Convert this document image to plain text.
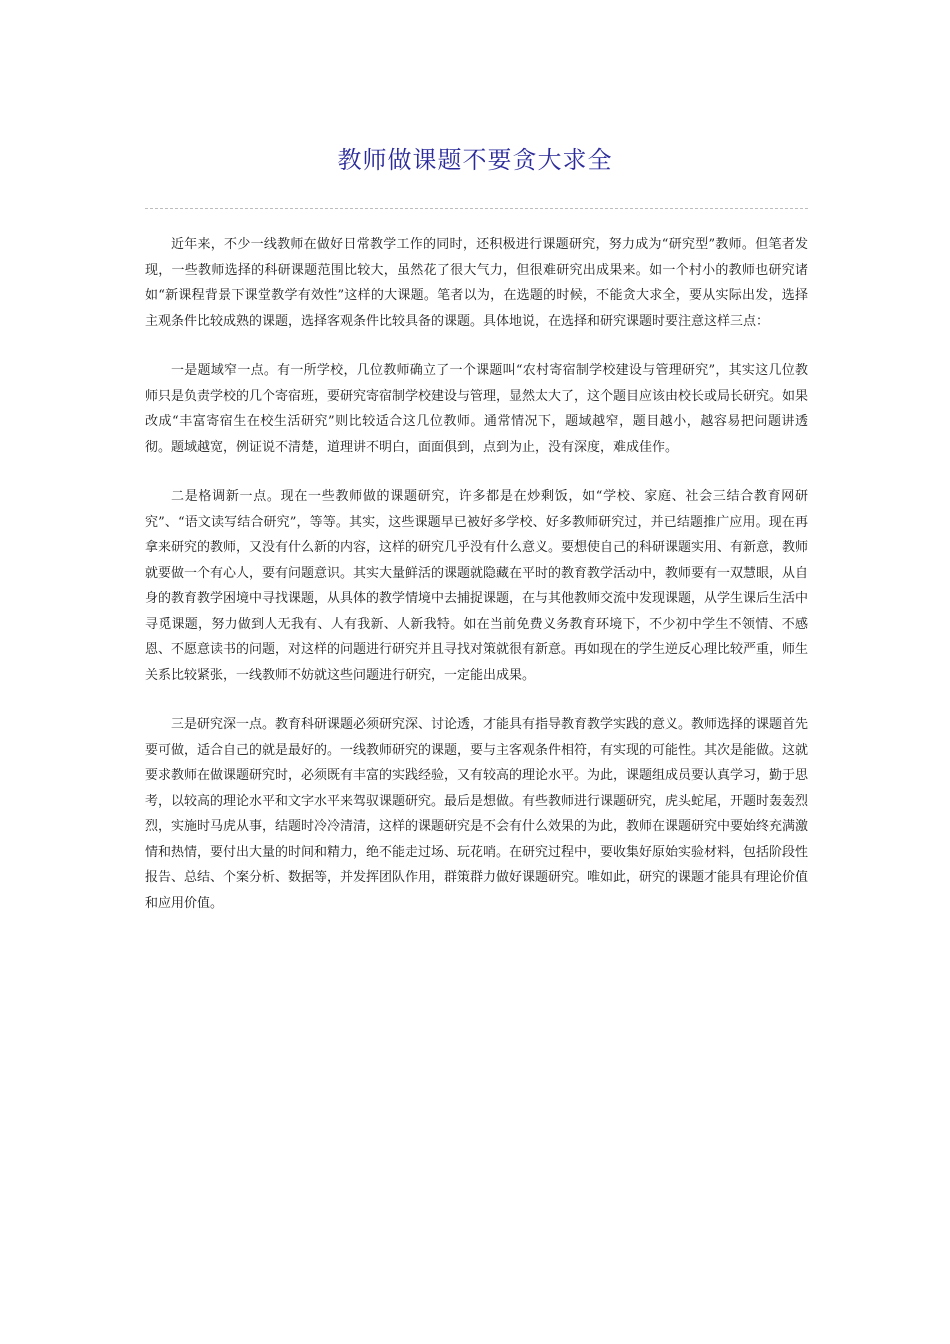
教师做课题不要贪大求全

近年来，不少一线教师在做好日常教学工作的同时，还积极进行课题研究，努力成为“研究型”教师。但笔者发现，一些教师选择的科研课题范围比较大，虽然花了很大气力，但很难研究出成果来。如一个村小的教师也研究诸如“新课程背景下课堂教学有效性”这样的大课题。笔者以为，在选题的时候，不能贪大求全，要从实际出发，选择主观条件比较成熟的课题，选择客观条件比较具备的课题。具体地说，在选择和研究课题时要注意这样三点：

一是题域窄一点。有一所学校，几位教师确立了一个课题叫“农村寄宿制学校建设与管理研究”，其实这几位教师只是负责学校的几个寄宿班，要研究寄宿制学校建设与管理，显然太大了，这个题目应该由校长或局长研究。如果改成“丰富寄宿生在校生活研究”则比较适合这几位教师。通常情况下，题域越窄，题目越小，越容易把问题讲透彻。题域越宽，例证说不清楚，道理讲不明白，面面俱到，点到为止，没有深度，难成佳作。

二是格调新一点。现在一些教师做的课题研究，许多都是在炒剩饭，如“学校、家庭、社会三结合教育网研究”、“语文读写结合研究”，等等。其实，这些课题早已被好多学校、好多教师研究过，并已结题推广应用。现在再拿来研究的教师，又没有什么新的内容，这样的研究几乎没有什么意义。要想使自己的科研课题实用、有新意，教师就要做一个有心人，要有问题意识。其实大量鲜活的课题就隐藏在平时的教育教学活动中，教师要有一双慧眼，从自身的教育教学困境中寻找课题，从具体的教学情境中去捕捉课题，在与其他教师交流中发现课题，从学生课后生活中寻觅课题，努力做到人无我有、人有我新、人新我特。如在当前免费义务教育环境下，不少初中学生不领情、不感恩、不愿意读书的问题，对这样的问题进行研究并且寻找对策就很有新意。再如现在的学生逆反心理比较严重，师生关系比较紧张，一线教师不妨就这些问题进行研究，一定能出成果。

三是研究深一点。教育科研课题必须研究深、讨论透，才能具有指导教育教学实践的意义。教师选择的课题首先要可做，适合自己的就是最好的。一线教师研究的课题，要与主客观条件相符，有实现的可能性。其次是能做。这就要求教师在做课题研究时，必须既有丰富的实践经验，又有较高的理论水平。为此，课题组成员要认真学习，勤于思考，以较高的理论水平和文字水平来驾驭课题研究。最后是想做。有些教师进行课题研究，虎头蛇尾，开题时轰轰烈烈，实施时马虎从事，结题时冷冷清清，这样的课题研究是不会有什么效果的为此，教师在课题研究中要始终充满激情和热情，要付出大量的时间和精力，绝不能走过场、玩花哨。在研究过程中，要收集好原始实验材料，包括阶段性报告、总结、个案分析、数据等，并发挥团队作用，群策群力做好课题研究。唯如此，研究的课题才能具有理论价值和应用价值。
